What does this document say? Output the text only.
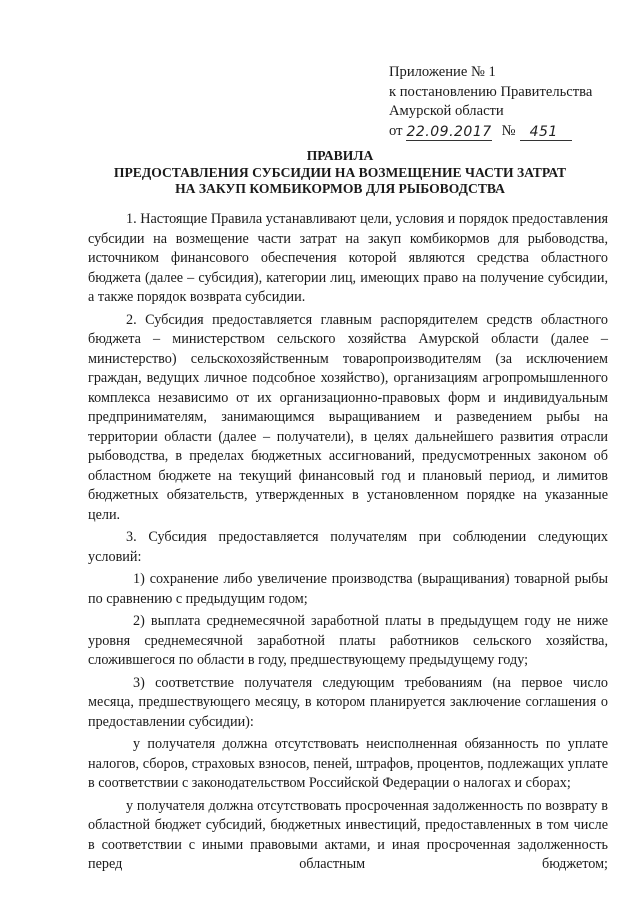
Приложение № 1
к постановлению Правительства
Амурской области
от 22.09.2017 №	451
ПРАВИЛА
ПРЕДОСТАВЛЕНИЯ СУБСИДИИ НА ВОЗМЕЩЕНИЕ ЧАСТИ ЗАТРАТ
НА ЗАКУП КОМБИКОРМОВ ДЛЯ РЫБОВОДСТВА

1. Настоящие Правила устанавливают цели, условия и порядок предоставления субсидии на возмещение части затрат на закуп комбикормов для рыбоводства, источником финансового обеспечения которой являются средства областного бюджета (далее – субсидия), категории лиц, имеющих право на получение субсидии, а также порядок возврата субсидии.

2. Субсидия предоставляется главным распорядителем средств областного бюджета – министерством сельского хозяйства Амурской области (далее – министерство) сельскохозяйственным товаропроизводителям (за исключением граждан, ведущих личное подсобное хозяйство), организациям агропромышленного комплекса независимо от их организационно-правовых форм и индивидуальным предпринимателям, занимающимся выращиванием и разведением рыбы на территории области (далее – получатели), в целях дальнейшего развития отрасли рыбоводства, в пределах бюджетных ассигнований, предусмотренных законом об областном бюджете на текущий финансовый год и плановый период, и лимитов бюджетных обязательств, утвержденных в установленном порядке на указанные цели.

3. Субсидия предоставляется получателям при соблюдении следующих условий:

1) сохранение либо увеличение производства (выращивания) товарной рыбы по сравнению с предыдущим годом;

2) выплата среднемесячной заработной платы в предыдущем году не ниже уровня среднемесячной заработной платы работников сельского хозяйства, сложившегося по области в году, предшествующему предыдущему году;

3) соответствие получателя следующим требованиям (на первое число месяца, предшествующего месяцу, в котором планируется заключение соглашения о предоставлении субсидии):

у получателя должна отсутствовать неисполненная обязанность по уплате налогов, сборов, страховых взносов, пеней, штрафов, процентов, подлежащих уплате в соответствии с законодательством Российской Федерации о налогах и сборах;

у получателя должна отсутствовать просроченная задолженность по возврату в областной бюджет субсидий, бюджетных инвестиций, предоставленных в том числе в соответствии с иными правовыми актами, и иная просроченная задолженность перед областным бюджетом;
